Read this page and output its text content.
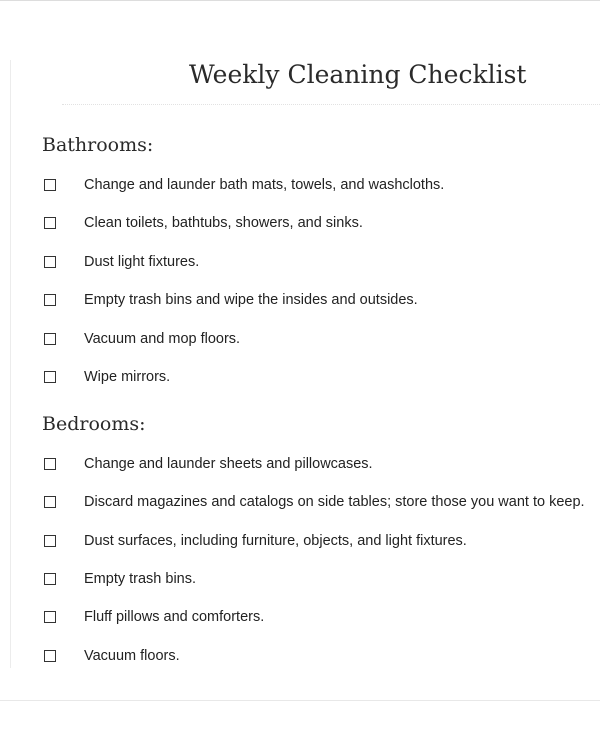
Weekly Cleaning Checklist
Bathrooms:
Change and launder bath mats, towels, and washcloths.
Clean toilets, bathtubs, showers, and sinks.
Dust light fixtures.
Empty trash bins and wipe the insides and outsides.
Vacuum and mop floors.
Wipe mirrors.
Bedrooms:
Change and launder sheets and pillowcases.
Discard magazines and catalogs on side tables; store those you want to keep.
Dust surfaces, including furniture, objects, and light fixtures.
Empty trash bins.
Fluff pillows and comforters.
Vacuum floors.
